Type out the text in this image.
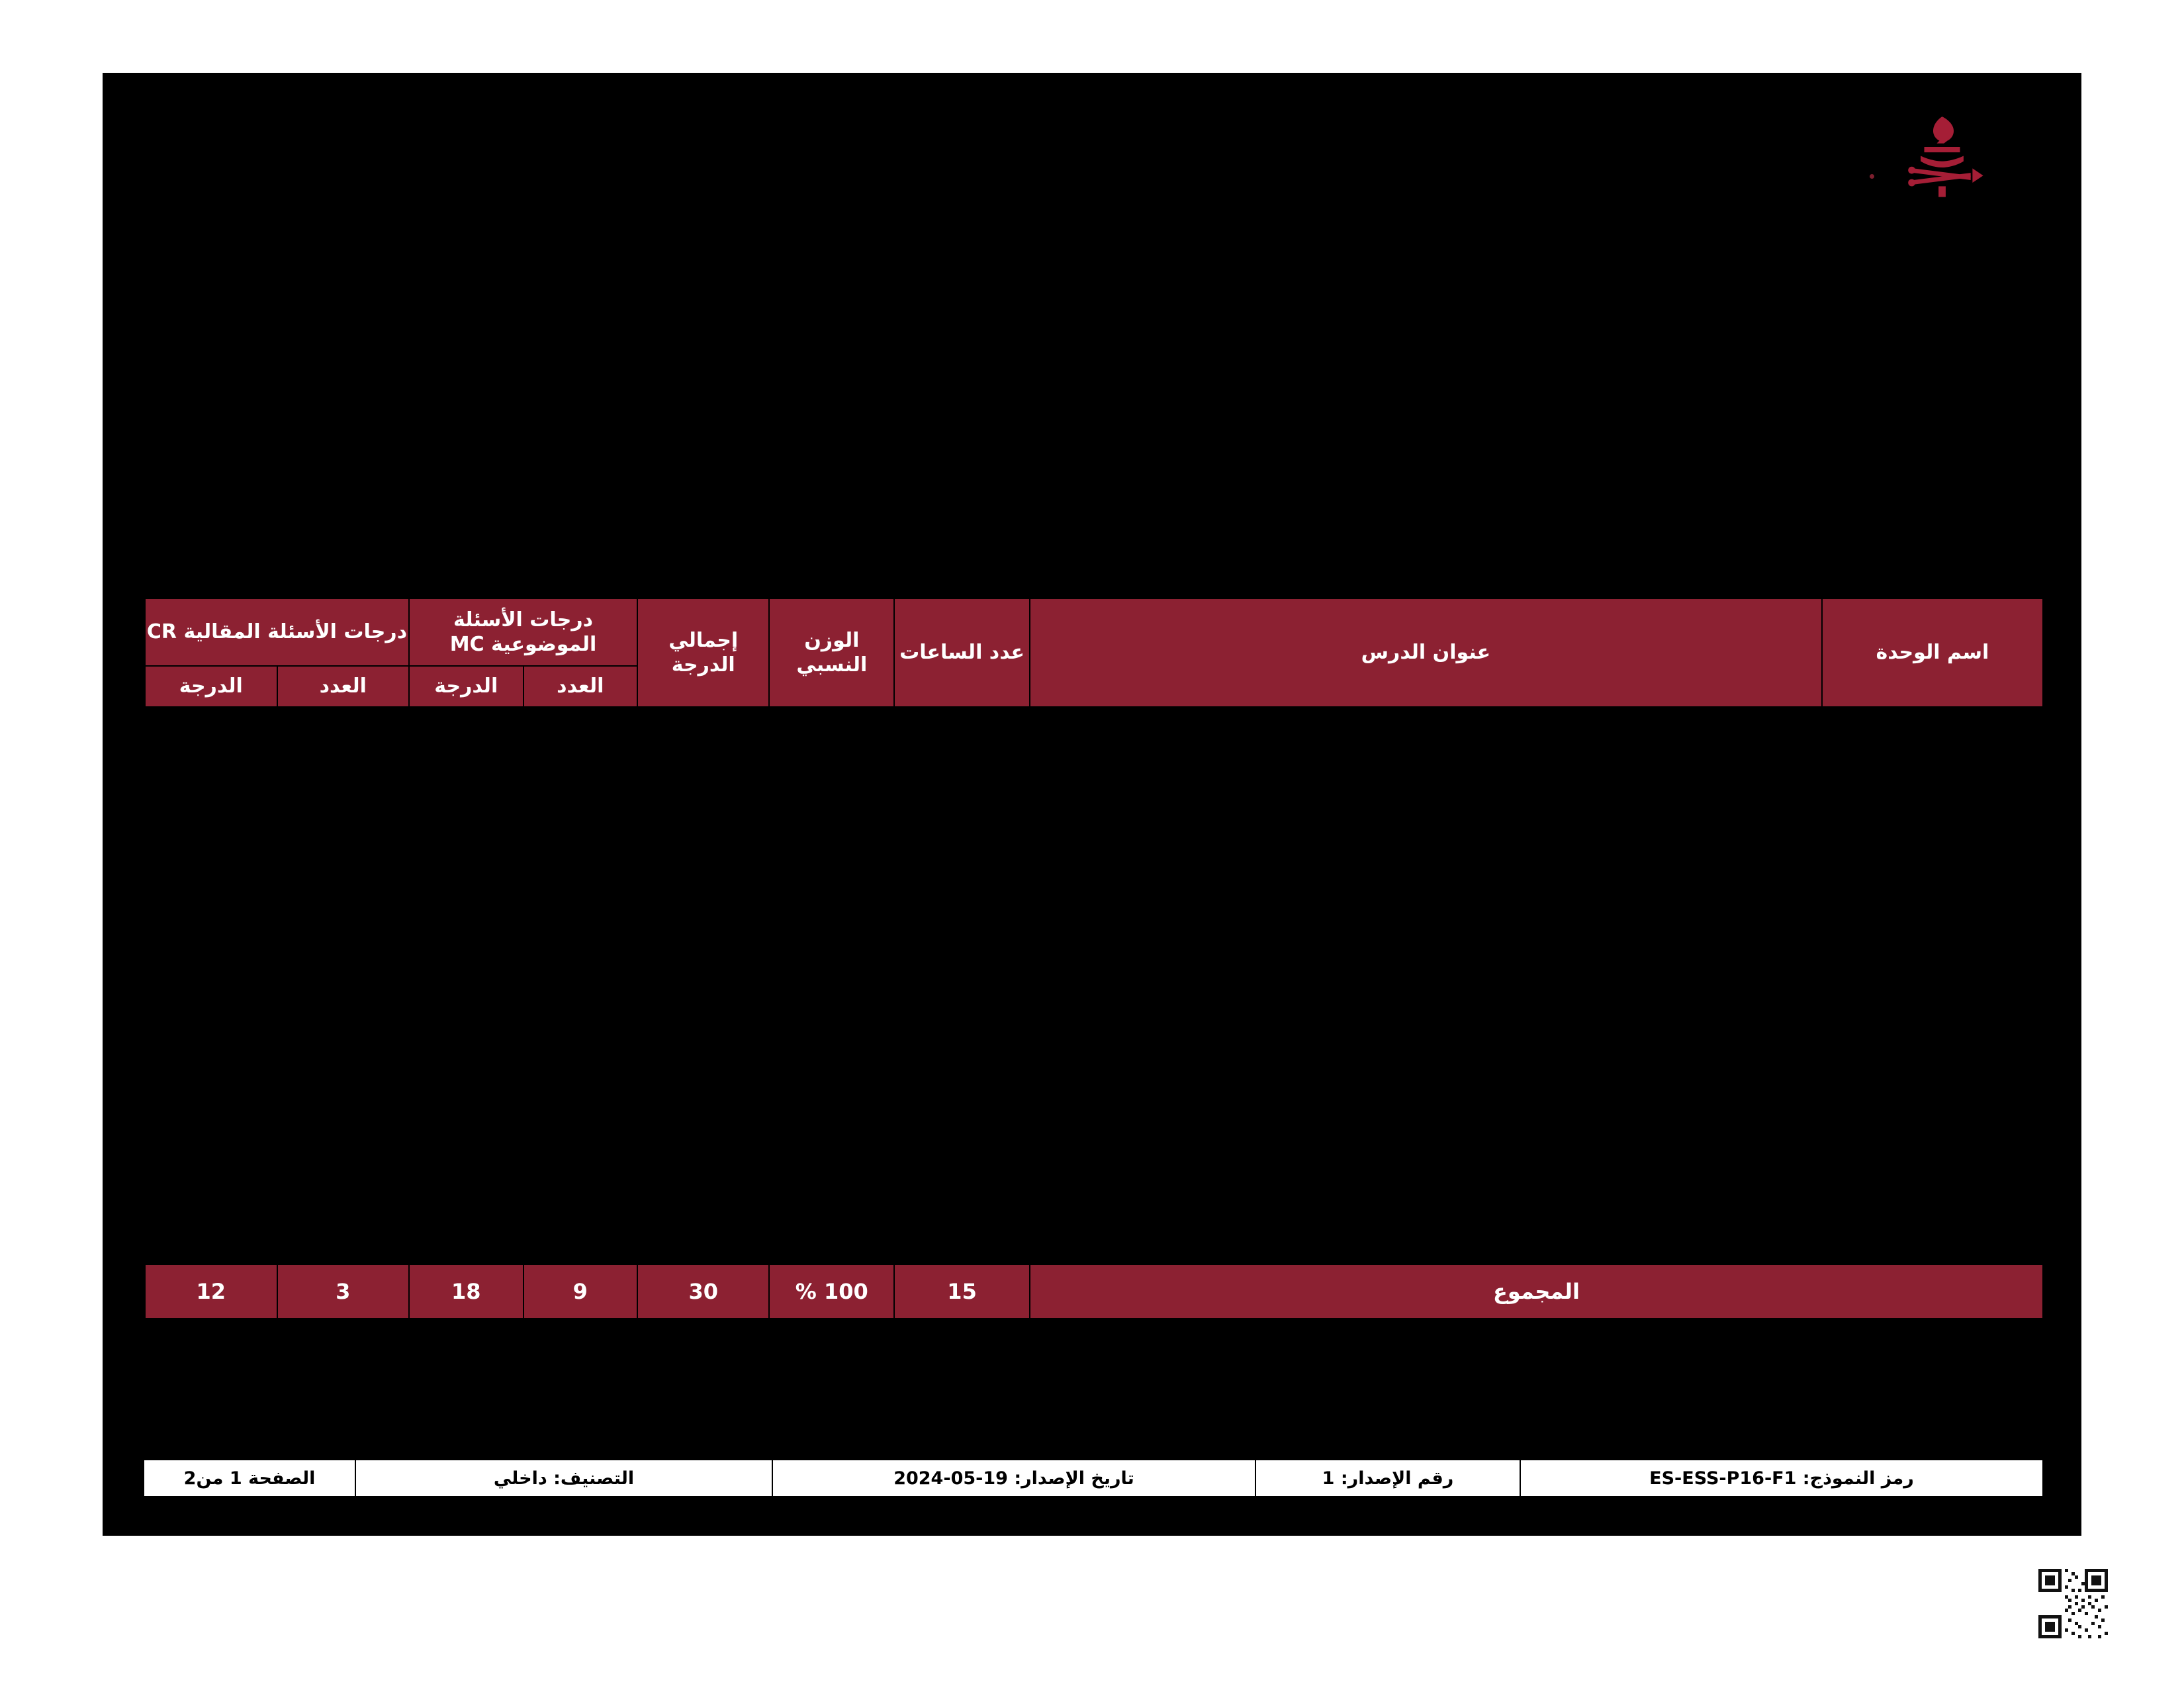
اسم الوحدة	عنوان الدرس	عدد الساعات	الوزن النسبي	إجمالي الدرجة	درجات الأسئلة الموضوعية MC		درجات الأسئلة المقالية CR	
					العدد	الدرجة	العدد	الدرجة

المجموع		15	100 %	30	9	18	3	12
رمز النموذج: ES-ESS-P16-F1	رقم الإصدار: 1	تاريخ الإصدار: 19-05-2024	التصنيف: داخلي	الصفحة 1 من2
